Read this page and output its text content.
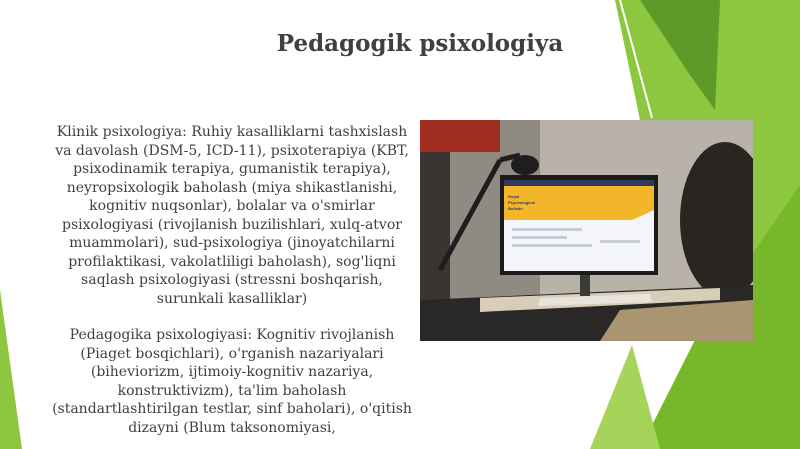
Pedagogik psixologiya

Klinik psixologiya: Ruhiy kasalliklarni tashxislash va davolash (DSM-5, ICD-11), psixoterapiya (KBT, psixodinamik terapiya, gumanistik terapiya), neyropsixologik baholash (miya shikastlanishi, kognitiv nuqsonlar), bolalar va o'smirlar psixologiyasi (rivojlanish buzilishlari, xulq-atvor muammolari), sud-psixologiya (jinoyatchilarni profilaktikasi, vakolatliligi baholash), sog'liqni saqlash psixologiyasi (stressni boshqarish, surunkali kasalliklar)

Pedagogika psixologiyasi: Kognitiv rivojlanish (Piaget bosqichlari), o'rganish nazariyalari (biheviorizm, ijtimoiy-kognitiv nazariya, konstruktivizm), ta'lim baholash (standartlashtirilgan testlar, sinf baholari), o'qitish dizayni (Blum taksonomiyasi,

Royal
Psychological
Bulletin
